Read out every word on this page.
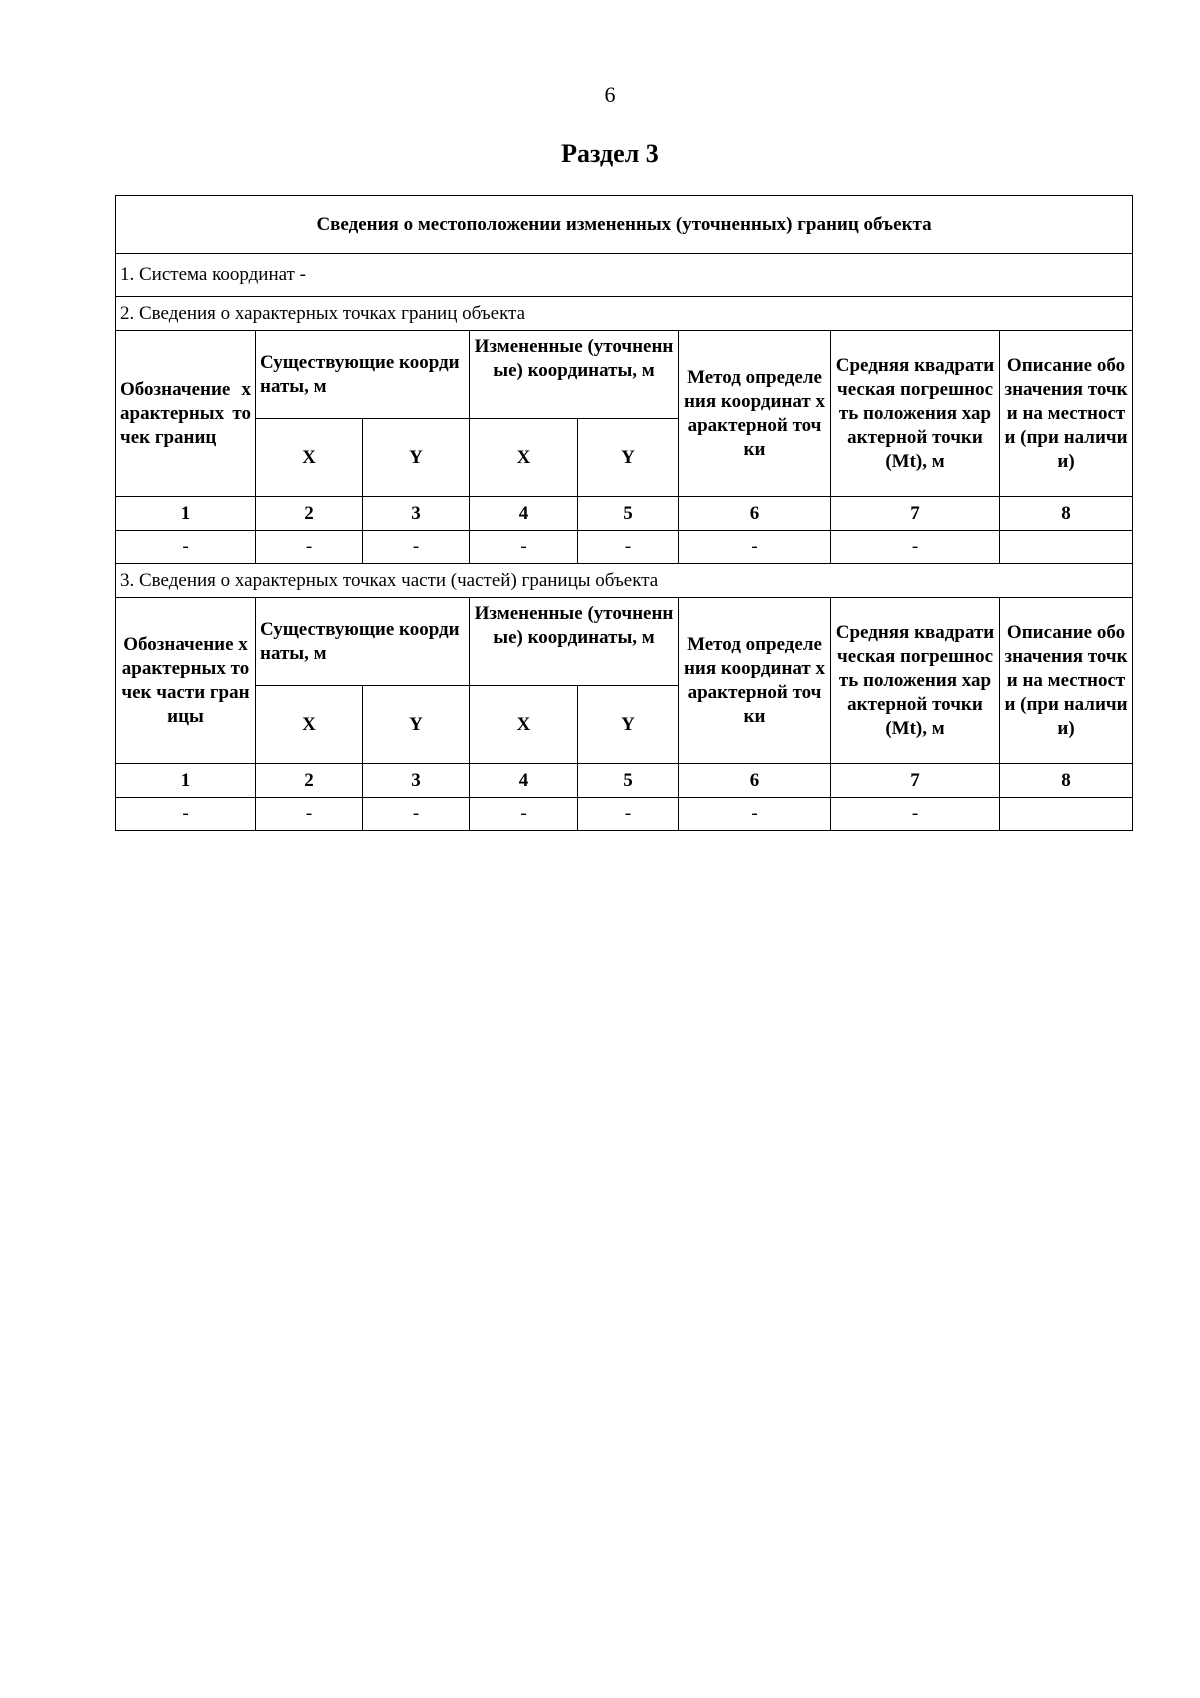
6
Раздел 3
Сведения о местоположении измененных (уточненных) границ объекта							
1. Система координат -							
2. Сведения о характерных точках границ объекта							
Обозначение характерных точек границ	Существующие координаты, м		Измененные (уточненные) координаты, м		Метод определения координат характерной точки	Средняя квадратическая погрешность положения характерной точки (Mt), м	Описание обозначения точки на местности (при наличии)
	X	Y	X	Y			
1	2	3	4	5	6	7	8
-	-	-	-	-	-	-	
3. Сведения о характерных точках части (частей) границы объекта							
Обозначение характерных точек части границы	Существующие координаты, м		Измененные (уточненные) координаты, м		Метод определения координат характерной точки	Средняя квадратическая погрешность положения характерной точки (Mt), м	Описание обозначения точки на местности (при наличии)
	X	Y	X	Y			
1	2	3	4	5	6	7	8
-	-	-	-	-	-	-	
